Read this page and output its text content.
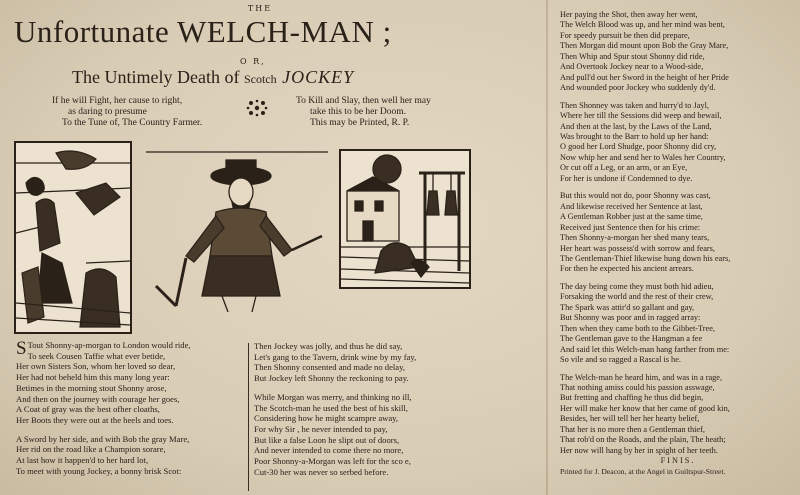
THE
Unfortunate WELCH-MAN ;
O R,
The Untimely Death of Scotch JOCKEY
If he will Fight, her cause to right,
as daring to presume
To the Tune of, The Country Farmer.
To Kill and Slay, then well her may
take this to be her Doom.
This may be Printed, R. P.
S Tout Shonny-ap-morgan to London would ride,
To seek Cousen Taffie what ever betide,
Her own Sisters Son, whom her loved so dear,
Her had not beheld him this many long year:
Betimes in the morning stout Shonny arose,
And then on the journey with courage her goes,
A Coat of gray was the best ofher cloaths,
Her Boots they were out at the heels and toes.
A Sword by her side, and with Bob the gray Mare,
Her rid on the road like a Champion sorare,
At last how it happen'd to her hard lot,
To meet with young Jockey, a bonny brisk Scot:
Then Jockey was jolly, and thus he did say,
Let's gang to the Tavern, drink wine by my fay,
Then Shonny consented and made no delay,
But Jockey left Shonny the reckoning to pay.
While Morgan was merry, and thinking no ill,
The Scotch-man he used the best of his skill,
Considering how he might scampre away,
For why Sir , he never intended to pay,
But like a false Loon he slipt out of doors,
And never intended to come there no more,
Poor Shonny-a-Morgan was left for the sco e,
Cut-30 her was never so serbed before.
Her paying the Shot, then away her went,
The Welch Blood was up, and her mind was bent,
For speedy pursuit be then did prepare,
Then Morgan did mount upon Bob the Gray Mare,
Then Whip and Spur stout Shonny did ride,
And Overtook Jockey near to a Wood-side,
And pull'd out her Sword in the height of her Pride
And wounded poor Jockey who suddenly dy'd.
Then Shonney was taken and hurry'd to Jayl,
Where her till the Sessions did weep and bewail,
And then at the last, by the Laws of the Land,
Was brought to the Barr to hold up her hand:
O good her Lord Shudge, poor Shonny did cry,
Now whip her and send her to Wales her Country,
Or cut off a Leg, or an arm, or an Eye,
For her is undone if Condemned to dye.
But this would not do, poor Shonny was cast,
And likewise received her Sentence at last,
A Gentleman Robber just at the same time,
Received just Sentence then for his crime:
Then Shonny-a-morgan her shed many tears,
Her heart was possess'd with sorrow and fears,
The Gentleman-Thief likewise hung down his ears,
For then he expected his ancient arrears.
The day being come they must both hid adieu,
Forsaking the world and the rest of their crew,
The Spark was attir'd so gallant and gay,
But Shonny was poor and in ragged array:
Then when they came both to the Gibbet-Tree,
The Gentleman gave to the Hangman a fee
And said let this Welch-man hang farther from me:
So vile and so ragged a Rascal is he.
The Welch-man he heard him, and was in a rage,
That nothing amiss could his passion asswage,
But fretting and chaffing he thus did begin,
Her will make her know that her came of good kin,
Besides, her will tell her her hearty belief,
That her is no more then a Gentleman thief,
That rob'd on the Roads, and the plain, The heath;
Her now will hang by her in spight of her teeth.
FINIS.
Printed for J. Deacon, at the Angel in Guiltspur-Street.
